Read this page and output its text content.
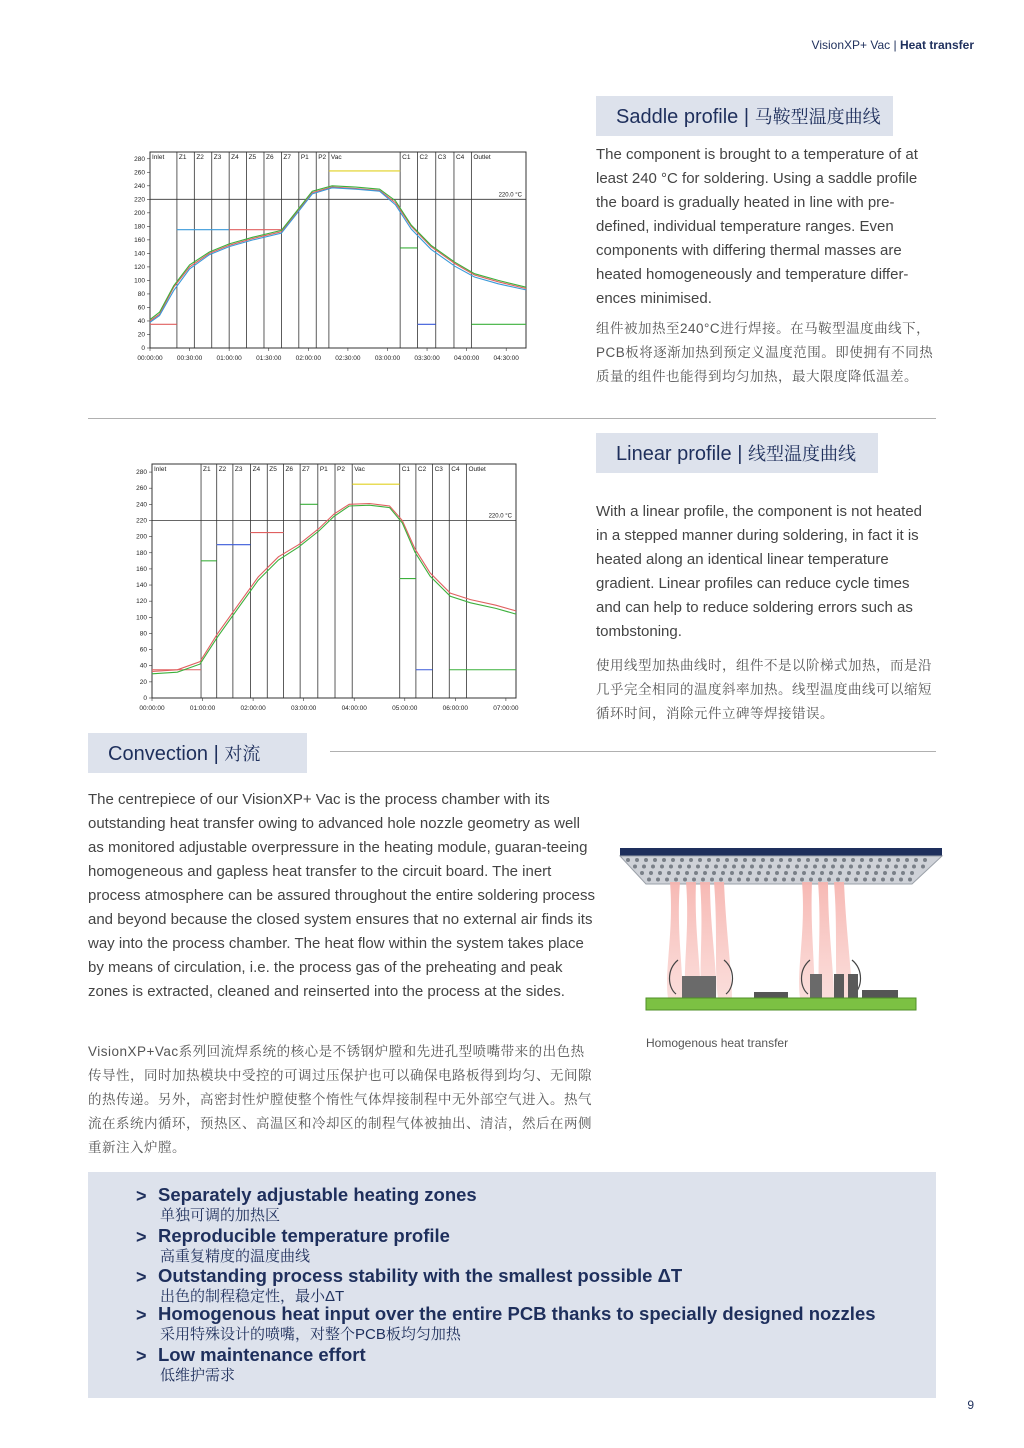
VisionXP+ Vac | Heat transfer
Inlet Z1 Z2 Z3 Z4 Z5 Z6 Z7 P1 P2 Vac	C1 C2 C3 C4 Outlet
220.0 °C
0
20
40
60
80
100
120
140
160
180
200
220
240
260
280
00:00:00 00:30:00 01:00:00 01:30:00 02:00:00 02:30:00 03:00:00 03:30:00 04:00:00 04:30:00
Saddle profile | 马鞍型温度曲线
The component is brought to a temperature of at least 240 °C for soldering. Using a saddle profile the board is gradually heated in line with pre-defined, individual temperature ranges. Even components with differing thermal masses are heated homogeneously and temperature differ-ences minimised.
组件被加热至240°C进行焊接。在马鞍型温度曲线下，PCB板将逐渐加热到预定义温度范围。即使拥有不同热质量的组件也能得到均匀加热，最大限度降低温差。
Inlet	Z1 Z2 Z3 Z4 Z5 Z6 Z7 P1 P2 Vac	C1 C2 C3 C4 Outlet
220.0 °C
0
20
40
60
80
100
120
140
160
180
200
220
240
260
280
00:00:00	01:00:00	02:00:00	03:00:00	04:00:00	05:00:00	06:00:00	07:00:00
Linear profile | 线型温度曲线
With a linear profile, the component is not heated in a stepped manner during soldering, in fact it is heated along an identical linear temperature gradient. Linear profiles can reduce cycle times and can help to reduce soldering errors such as tombstoning.
使用线型加热曲线时，组件不是以阶梯式加热，而是沿几乎完全相同的温度斜率加热。线型温度曲线可以缩短循环时间，消除元件立碑等焊接错误。
Convection | 对流
The centrepiece of our VisionXP+ Vac is the process chamber with its outstanding heat transfer owing to advanced hole nozzle geometry as well as monitored adjustable overpressure in the heating module, guaran-teeing homogeneous and gapless heat transfer to the circuit board. The inert process atmosphere can be assured throughout the entire soldering process and beyond because the closed system ensures that no external air finds its way into the process chamber. The heat flow within the system takes place by means of circulation, i.e. the process gas of the preheating and peak zones is extracted, cleaned and reinserted into the process at the sides.
VisionXP+Vac系列回流焊系统的核心是不锈钢炉膛和先进孔型喷嘴带来的出色热传导性，同时加热模块中受控的可调过压保护也可以确保电路板得到均匀、无间隙的热传递。另外，高密封性炉膛使整个惰性气体焊接制程中无外部空气进入。热气流在系统内循环，预热区、高温区和冷却区的制程气体被抽出、清洁，然后在两侧重新注入炉膛。
Homogenous heat transfer
> Separately adjustable heating zones
单独可调的加热区
> Reproducible temperature profile
高重复精度的温度曲线
> Outstanding process stability with the smallest possible ΔT
出色的制程稳定性，最小ΔT
> Homogenous heat input over the entire PCB thanks to specially designed nozzles
采用特殊设计的喷嘴，对整个PCB板均匀加热
> Low maintenance effort
低维护需求
9
